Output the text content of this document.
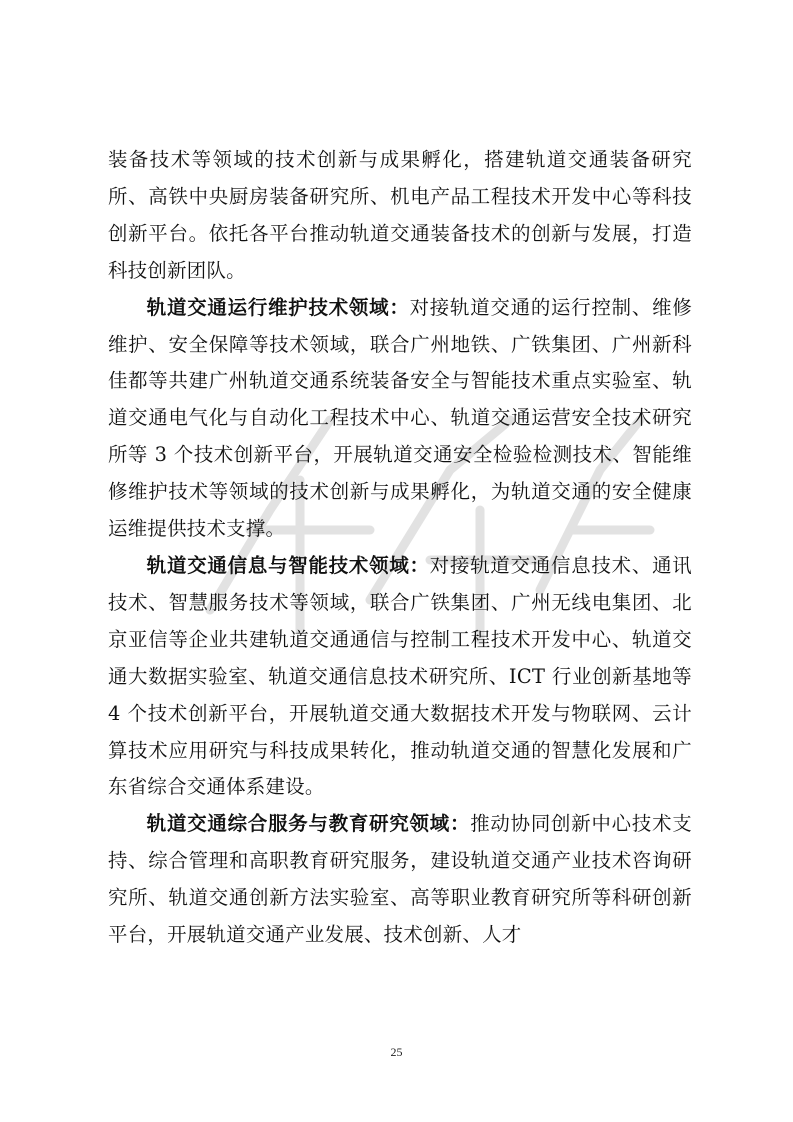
装备技术等领域的技术创新与成果孵化，搭建轨道交通装备研究所、高铁中央厨房装备研究所、机电产品工程技术开发中心等科技创新平台。依托各平台推动轨道交通装备技术的创新与发展，打造科技创新团队。

轨道交通运行维护技术领域：对接轨道交通的运行控制、维修维护、安全保障等技术领域，联合广州地铁、广铁集团、广州新科佳都等共建广州轨道交通系统装备安全与智能技术重点实验室、轨道交通电气化与自动化工程技术中心、轨道交通运营安全技术研究所等 3 个技术创新平台，开展轨道交通安全检验检测技术、智能维修维护技术等领域的技术创新与成果孵化，为轨道交通的安全健康运维提供技术支撑。

轨道交通信息与智能技术领域：对接轨道交通信息技术、通讯技术、智慧服务技术等领域，联合广铁集团、广州无线电集团、北京亚信等企业共建轨道交通通信与控制工程技术开发中心、轨道交通大数据实验室、轨道交通信息技术研究所、ICT 行业创新基地等 4 个技术创新平台，开展轨道交通大数据技术开发与物联网、云计算技术应用研究与科技成果转化，推动轨道交通的智慧化发展和广东省综合交通体系建设。

轨道交通综合服务与教育研究领域：推动协同创新中心技术支持、综合管理和高职教育研究服务，建设轨道交通产业技术咨询研究所、轨道交通创新方法实验室、高等职业教育研究所等科研创新平台，开展轨道交通产业发展、技术创新、人才

25
